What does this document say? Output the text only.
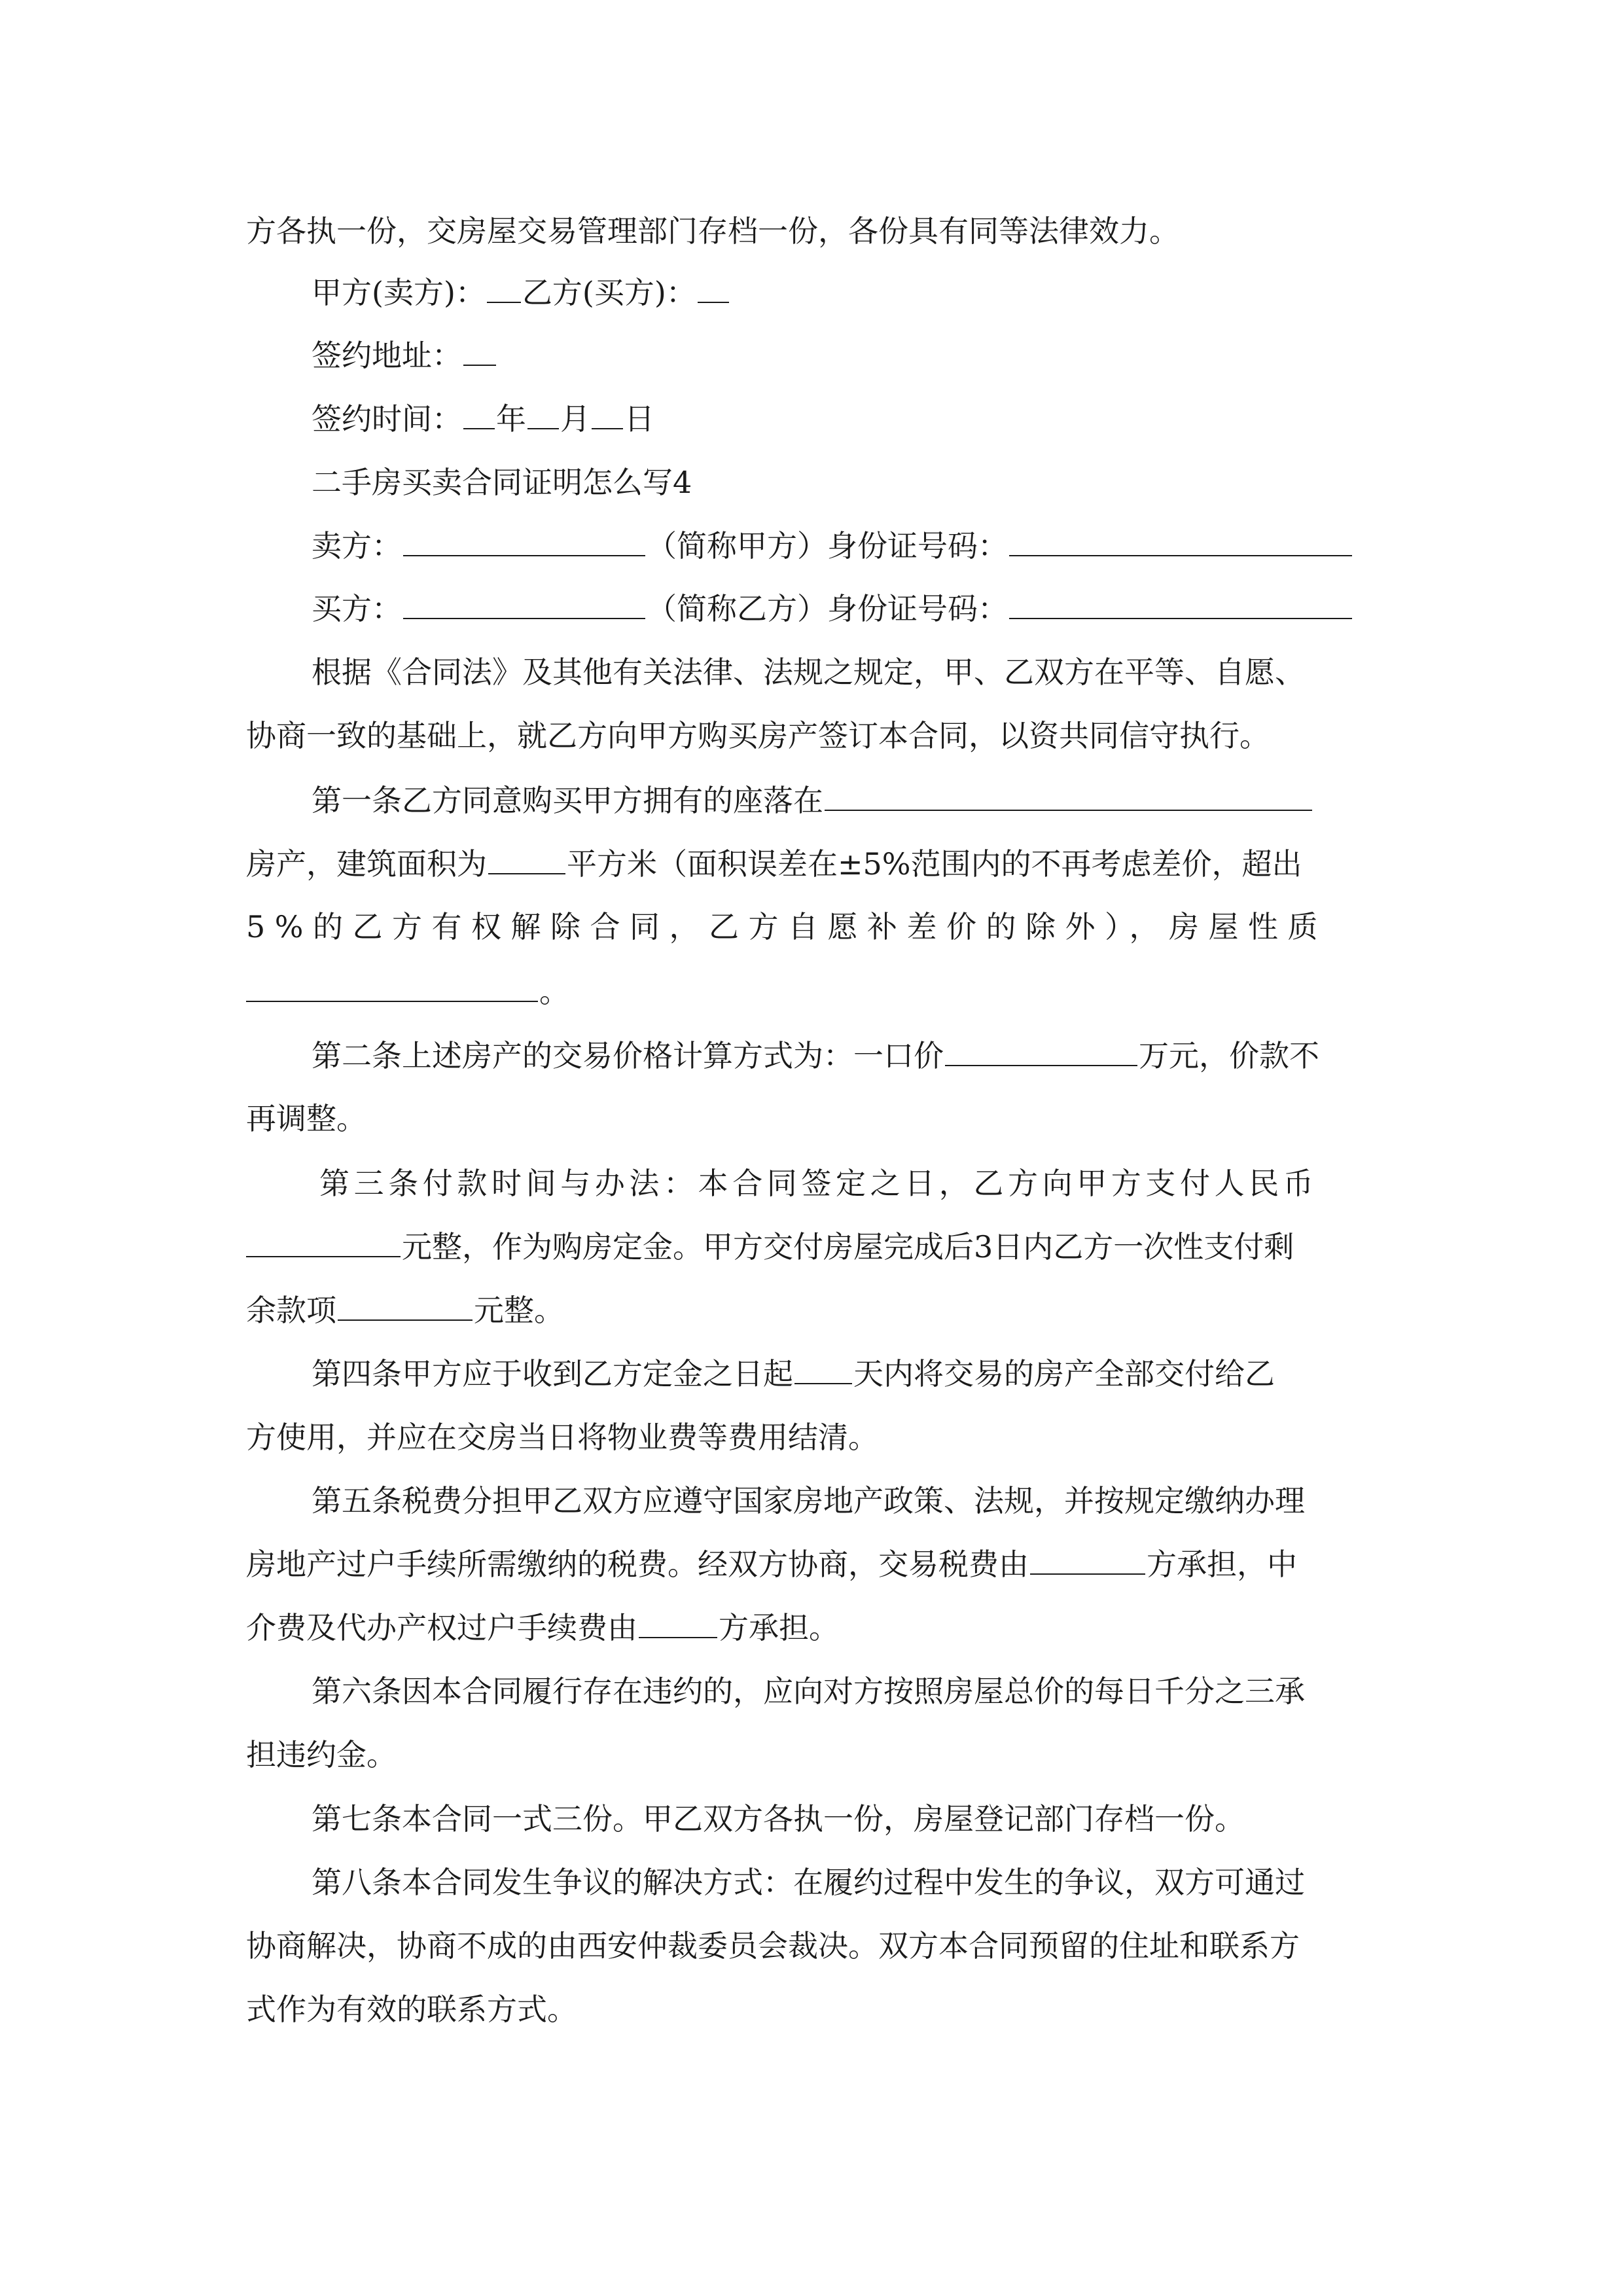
方各执一份，交房屋交易管理部门存档一份，各份具有同等法律效力。
甲方(卖方)： 乙方(买方)：
签约地址：
签约时间： 年 月 日
二手房买卖合同证明怎么写4
卖方：	（简称甲方）身份证号码：
买方：	（简称乙方）身份证号码：
根据《合同法》及其他有关法律、法规之规定，甲、乙双方在平等、自愿、
协商一致的基础上，就乙方向甲方购买房产签订本合同，以资共同信守执行。
第一条乙方同意购买甲方拥有的座落在
房产，建筑面积为	平方米（面积误差在±5%范围内的不再考虑差价，超出
5%的乙方有权解除合同，乙方自愿补差价的除外），房屋性质
。
第二条上述房产的交易价格计算方式为：一口价	万元，价款不
再调整。
第三条付款时间与办法：本合同签定之日，乙方向甲方支付人民币
元整，作为购房定金。甲方交付房屋完成后3日内乙方一次性支付剩
余款项	元整。
第四条甲方应于收到乙方定金之日起 天内将交易的房产全部交付给乙
方使用，并应在交房当日将物业费等费用结清。
第五条税费分担甲乙双方应遵守国家房地产政策、法规，并按规定缴纳办理
房地产过户手续所需缴纳的税费。经双方协商，交易税费由	方承担，中
介费及代办产权过户手续费由	方承担。
第六条因本合同履行存在违约的，应向对方按照房屋总价的每日千分之三承
担违约金。
第七条本合同一式三份。甲乙双方各执一份，房屋登记部门存档一份。
第八条本合同发生争议的解决方式：在履约过程中发生的争议，双方可通过
协商解决，协商不成的由西安仲裁委员会裁决。双方本合同预留的住址和联系方
式作为有效的联系方式。
